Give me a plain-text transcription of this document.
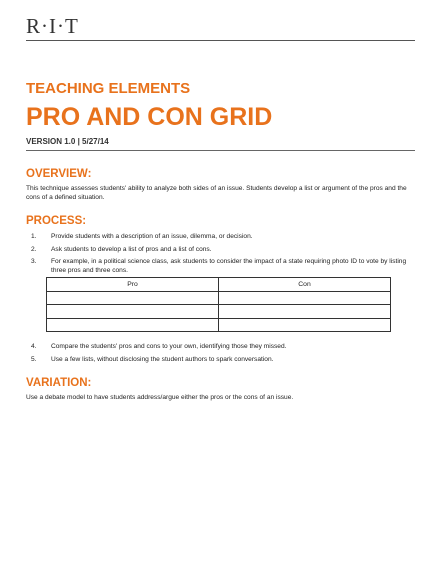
R·I·T

TEACHING ELEMENTS

PRO AND CON GRID
VERSION 1.0 | 5/27/14
OVERVIEW:

This technique assesses students' ability to analyze both sides of an issue. Students develop a list or argument of the pros and the cons of a defined situation.

PROCESS:
1.	Provide students with a description of an issue, dilemma, or decision.
2.	Ask students to develop a list of pros and a list of cons.
3.	For example, in a political science class, ask students to consider the impact of a state requiring photo ID to vote by listing three pros and three cons.
Pro	Con

4.	Compare the students' pros and cons to your own, identifying those they missed.
5.	Use a few lists, without disclosing the student authors to spark conversation.
VARIATION:

Use a debate model to have students address/argue either the pros or the cons of an issue.
